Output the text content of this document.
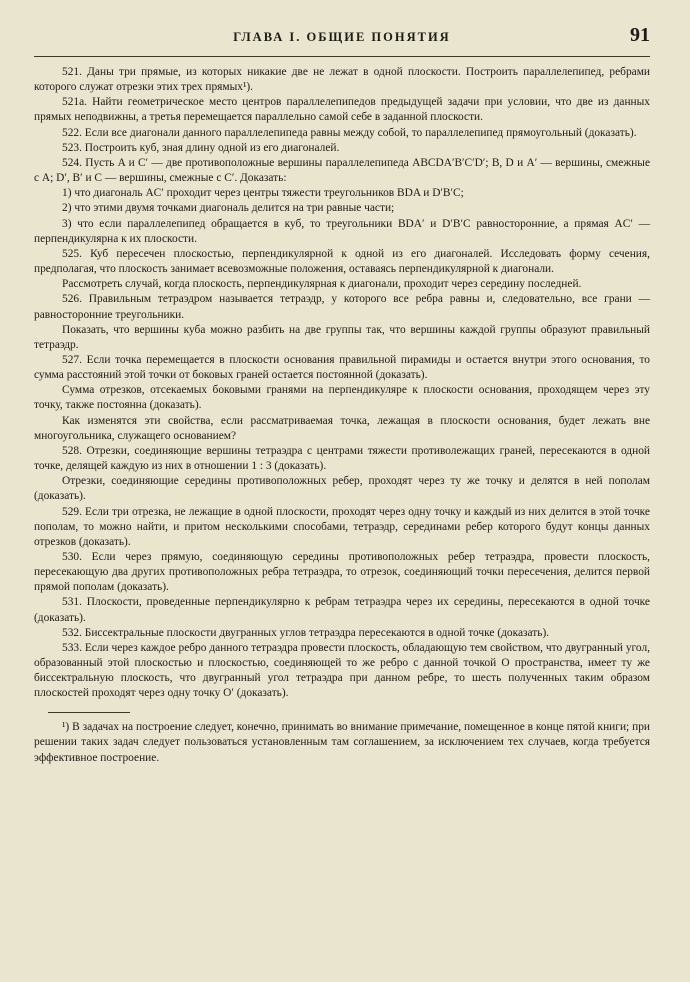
ГЛАВА I. ОБЩИЕ ПОНЯТИЯ	91

521. Даны три прямые, из которых никакие две не лежат в одной плоскости. Построить параллелепипед, ребрами которого служат отрезки этих трех прямых¹).

521а. Найти геометрическое место центров параллелепипедов предыдущей задачи при условии, что две из данных прямых неподвижны, а третья перемещается параллельно самой себе в заданной плоскости.

522. Если все диагонали данного параллелепипеда равны между собой, то параллелепипед прямоугольный (доказать).

523. Построить куб, зная длину одной из его диагоналей.

524. Пусть A и C′ — две противоположные вершины параллелепипеда ABCDA′B′C′D′; B, D и A′ — вершины, смежные с A; D′, B′ и C — вершины, смежные с C′. Доказать:

1) что диагональ AC′ проходит через центры тяжести треугольников BDA и D′B′C;

2) что этими двумя точками диагональ делится на три равные части;

3) что если параллелепипед обращается в куб, то треугольники BDA′ и D′B′C равносторонние, а прямая AC′ — перпендикулярна к их плоскости.

525. Куб пересечен плоскостью, перпендикулярной к одной из его диагоналей. Исследовать форму сечения, предполагая, что плоскость занимает всевозможные положения, оставаясь перпендикулярной к диагонали.

Рассмотреть случай, когда плоскость, перпендикулярная к диагонали, проходит через середину последней.

526. Правильным тетраэдром называется тетраэдр, у которого все ребра равны и, следовательно, все грани — равносторонние треугольники.

Показать, что вершины куба можно разбить на две группы так, что вершины каждой группы образуют правильный тетраэдр.

527. Если точка перемещается в плоскости основания правильной пирамиды и остается внутри этого основания, то сумма расстояний этой точки от боковых граней остается постоянной (доказать).

Сумма отрезков, отсекаемых боковыми гранями на перпендикуляре к плоскости основания, проходящем через эту точку, также постоянна (доказать).

Как изменятся эти свойства, если рассматриваемая точка, лежащая в плоскости основания, будет лежать вне многоугольника, служащего основанием?

528. Отрезки, соединяющие вершины тетраэдра с центрами тяжести противолежащих граней, пересекаются в одной точке, делящей каждую из них в отношении 1 : 3 (доказать).

Отрезки, соединяющие середины противоположных ребер, проходят через ту же точку и делятся в ней пополам (доказать).

529. Если три отрезка, не лежащие в одной плоскости, проходят через одну точку и каждый из них делится в этой точке пополам, то можно найти, и притом несколькими способами, тетраэдр, серединами ребер которого будут концы данных отрезков (доказать).

530. Если через прямую, соединяющую середины противоположных ребер тетраэдра, провести плоскость, пересекающую два других противоположных ребра тетраэдра, то отрезок, соединяющий точки пересечения, делится первой прямой пополам (доказать).

531. Плоскости, проведенные перпендикулярно к ребрам тетраэдра через их середины, пересекаются в одной точке (доказать).

532. Биссектральные плоскости двугранных углов тетраэдра пересекаются в одной точке (доказать).

533. Если через каждое ребро данного тетраэдра провести плоскость, обладающую тем свойством, что двугранный угол, образованный этой плоскостью и плоскостью, соединяющей то же ребро с данной точкой O пространства, имеет ту же биссектральную плоскость, что двугранный угол тетраэдра при данном ребре, то шесть полученных таким образом плоскостей проходят через одну точку O′ (доказать).

¹) В задачах на построение следует, конечно, принимать во внимание примечание, помещенное в конце пятой книги; при решении таких задач следует пользоваться установленным там соглашением, за исключением тех случаев, когда требуется эффективное построение.
